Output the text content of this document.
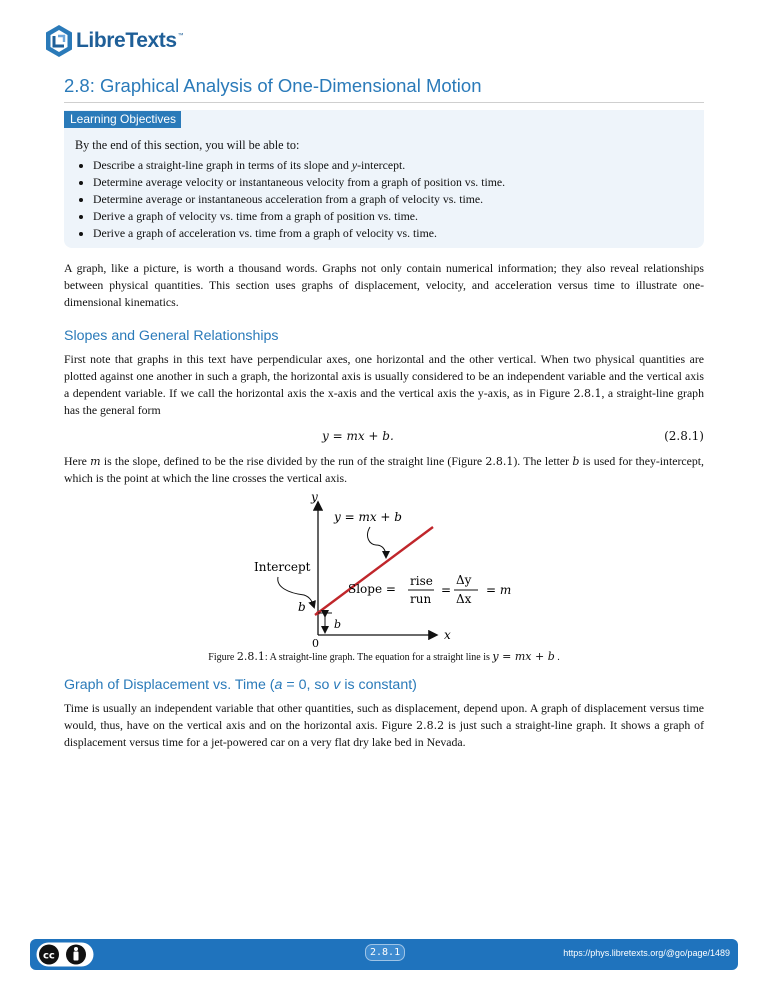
LibreTexts ™
2.8: Graphical Analysis of One-Dimensional Motion
Learning Objectives
By the end of this section, you will be able to:
• Describe a straight-line graph in terms of its slope and y-intercept.
• Determine average velocity or instantaneous velocity from a graph of position vs. time.
• Determine average or instantaneous acceleration from a graph of velocity vs. time.
• Derive a graph of velocity vs. time from a graph of position vs. time.
• Derive a graph of acceleration vs. time from a graph of velocity vs. time.

A graph, like a picture, is worth a thousand words. Graphs not only contain numerical information; they also reveal relationships between physical quantities. This section uses graphs of displacement, velocity, and acceleration versus time to illustrate one-dimensional kinematics.

Slopes and General Relationships

First note that graphs in this text have perpendicular axes, one horizontal and the other vertical. When two physical quantities are plotted against one another in such a graph, the horizontal axis is usually considered to be an independent variable and the vertical axis a dependent variable. If we call the horizontal axis the x-axis and the vertical axis the y-axis, as in Figure 2.8.1, a straight-line graph has the general form

y = mx + b.	(2.8.1)

Here m is the slope, defined to be the rise divided by the run of the straight line (Figure 2.8.1). The letter b is used for they-intercept, which is the point at which the line crosses the vertical axis.

y
x
0
y = mx + b
Intercept
b
b
Slope =
rise
run
=
Δy
Δx
= m
Figure 2.8.1: A straight-line graph. The equation for a straight line is y = mx + b .
Graph of Displacement vs. Time (a = 0, so v is constant)

Time is usually an independent variable that other quantities, such as displacement, depend upon. A graph of displacement versus time would, thus, have on the vertical axis and on the horizontal axis. Figure 2.8.2 is just such a straight-line graph. It shows a graph of displacement versus time for a jet-powered car on a very flat dry lake bed in Nevada.

cc	2.8.1	https://phys.libretexts.org/@go/page/1489
